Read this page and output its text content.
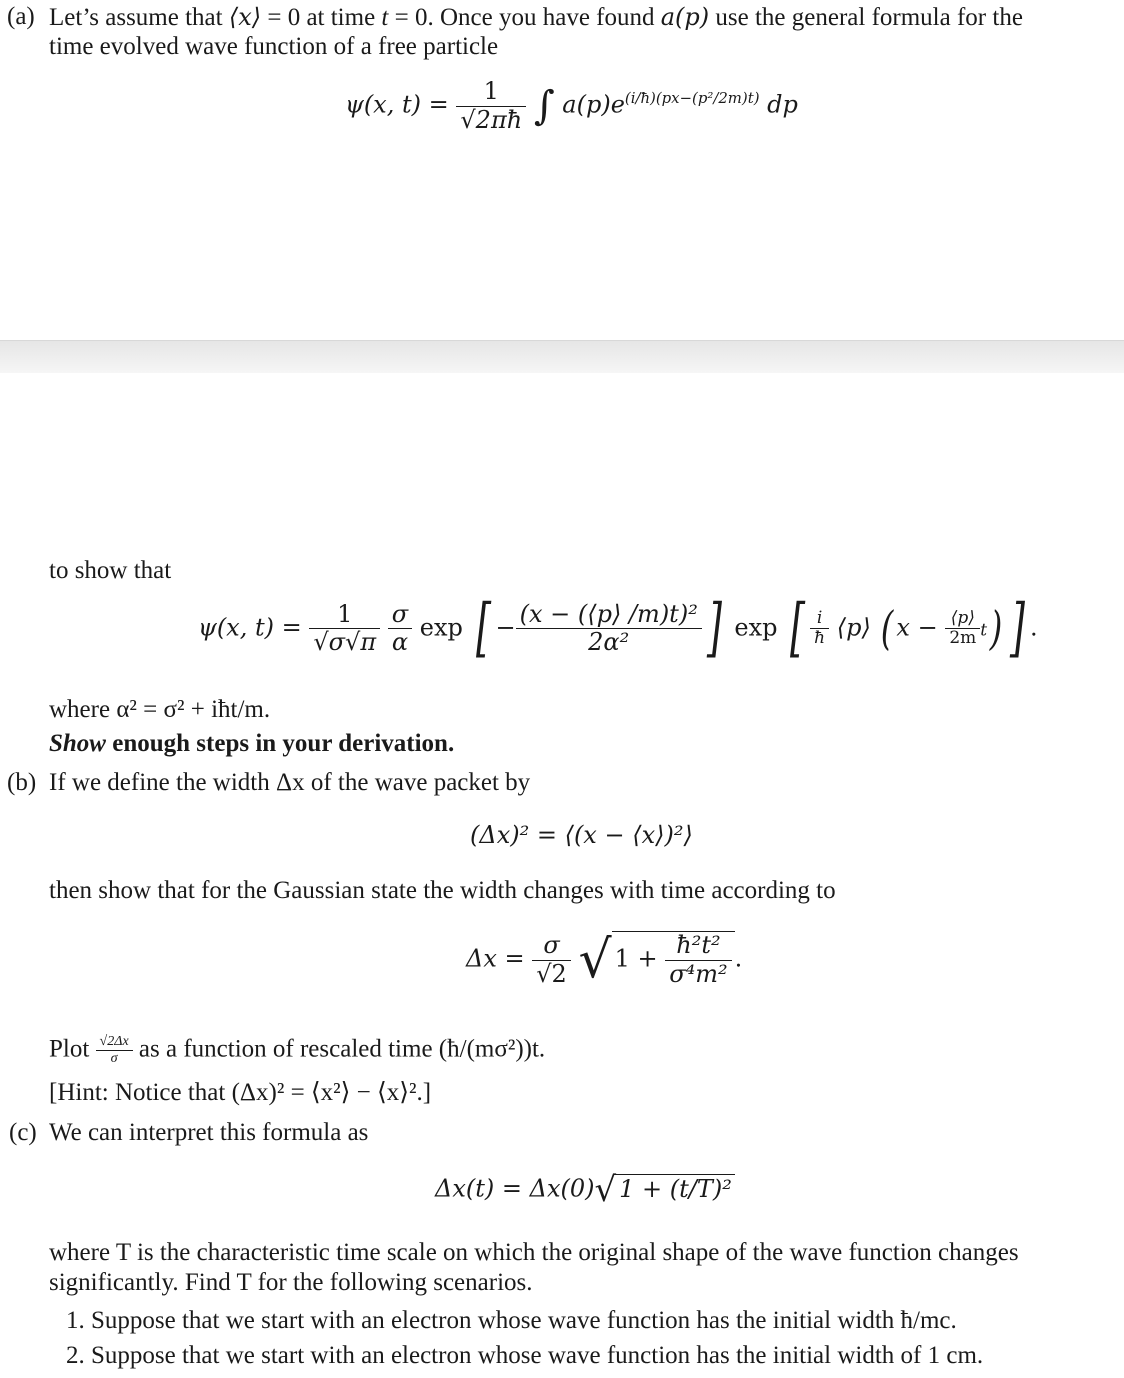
(a) Let’s assume that ⟨x⟩ = 0 at time t = 0. Once you have found a(p) use the general formula for the
time evolved wave function of a free particle
ψ(x, $t) = \frac{1}{√2\pi ħ}$ ∫ $a(p)e^{(i/ħ)(px-(p^2/2m)t)}$ dp
to show that
ψ(x, $t) = \frac{1}{√\sigma√\pi}$
$\frac{\sigma}{\alpha}$ exp [ − $\frac{\text{(x − (⟨p⟩ /m)t)²}}{\text{2α²}}$ ] exp [ $\frac{i}{ħ}$ ⟨p⟩ ( $x - \frac{⟨p⟩}{2m} t$) ] .
where α² = σ² + iħt/m.
Show enough steps in your derivation.
(b) If we define the width Δx of the wave packet by
(Δx)² = ⟨(x − ⟨x⟩)²⟩
then show that for the Gaussian state the width changes with time according to
$\Delta x = \frac{\sigma}{√2}$ √ $1 + \frac{\text{ħ²t²}}{\text{σ⁴m²}}$ .
Plot $\frac{√2\Delta x}{\sigma}$ as a function of rescaled time (ħ/(mσ²))t.
[Hint: Notice that (Δx)² = ⟨x²⟩ − ⟨x⟩².]
(c) We can interpret this formula as
Δx(t) = Δx(0)√ 1 + (t/T)²
where T is the characteristic time scale on which the original shape of the wave function changes
significantly. Find T for the following scenarios.
1. Suppose that we start with an electron whose wave function has the initial width ħ/mc.
2. Suppose that we start with an electron whose wave function has the initial width of 1 cm.
